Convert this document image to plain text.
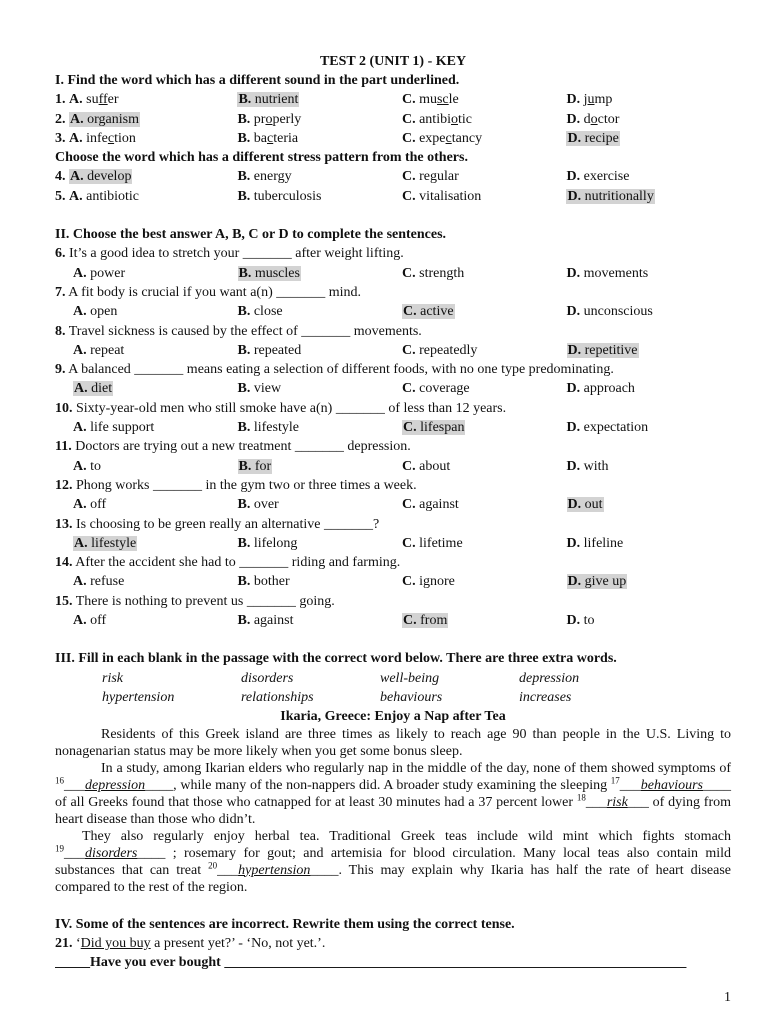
TEST 2 (UNIT 1) - KEY
I. Find the word which has a different sound in the part underlined.
1. A. suffer	B. nutrient	C. muscle	D. jump
2. A. organism	B. properly	C. antibiotic	D. doctor
3. A. infection	B. bacteria	C. expectancy	D. recipe
Choose the word which has a different stress pattern from the others.
4. A. develop	B. energy	C. regular	D. exercise
5. A. antibiotic	B. tuberculosis	C. vitalisation	D. nutritionally
II. Choose the best answer A, B, C or D to complete the sentences.
6. It’s a good idea to stretch your _______ after weight lifting.
A. power	B. muscles	C. strength	D. movements
7. A fit body is crucial if you want a(n) _______ mind.
A. open	B. close	C. active	D. unconscious
8. Travel sickness is caused by the effect of _______ movements.
A. repeat	B. repeated	C. repeatedly	D. repetitive
9. A balanced _______ means eating a selection of different foods, with no one type predominating.
A. diet	B. view	C. coverage	D. approach
10. Sixty-year-old men who still smoke have a(n) _______ of less than 12 years.
A. life support	B. lifestyle	C. lifespan	D. expectation
11. Doctors are trying out a new treatment _______ depression.
A. to	B. for	C. about	D. with
12. Phong works _______ in the gym two or three times a week.
A. off	B. over	C. against	D. out
13. Is choosing to be green really an alternative _______?
A. lifestyle	B. lifelong	C. lifetime	D. lifeline
14. After the accident she had to _______ riding and farming.
A. refuse	B. bother	C. ignore	D. give up
15. There is nothing to prevent us _______ going.
A. off	B. against	C. from	D. to
III. Fill in each blank in the passage with the correct word below. There are three extra words.
risk	disorders	well-being	depression
hypertension	relationships	behaviours	increases
Ikaria, Greece: Enjoy a Nap after Tea
Residents of this Greek island are three times as likely to reach age 90 than people in the U.S. Living to nonagenarian status may be more likely when you get some bonus sleep.
In a study, among Ikarian elders who regularly nap in the middle of the day, none of them showed symptoms of $^{16}$___depression____, while many of the non-nappers did. A broader study examining the sleeping $^{17}$___behaviours____ of all Greeks found that those who catnapped for at least 30 minutes had a 37 percent lower $^{18}$___risk___ of dying from heart disease than those who didn’t.
They also regularly enjoy herbal tea. Traditional Greek teas include wild mint which fights stomach $^{19}$___disorders____ ; rosemary for gout; and artemisia for blood circulation. Many local teas also contain mild substances that can treat $^{20}$___hypertension____. This may explain why Ikaria has half the rate of heart disease compared to the rest of the region.
IV. Some of the sentences are incorrect. Rewrite them using the correct tense.
21. ‘Did you buy a present yet?’ - ‘No, not yet.’.
_____Have you ever bought __________________________________________________________________
1
